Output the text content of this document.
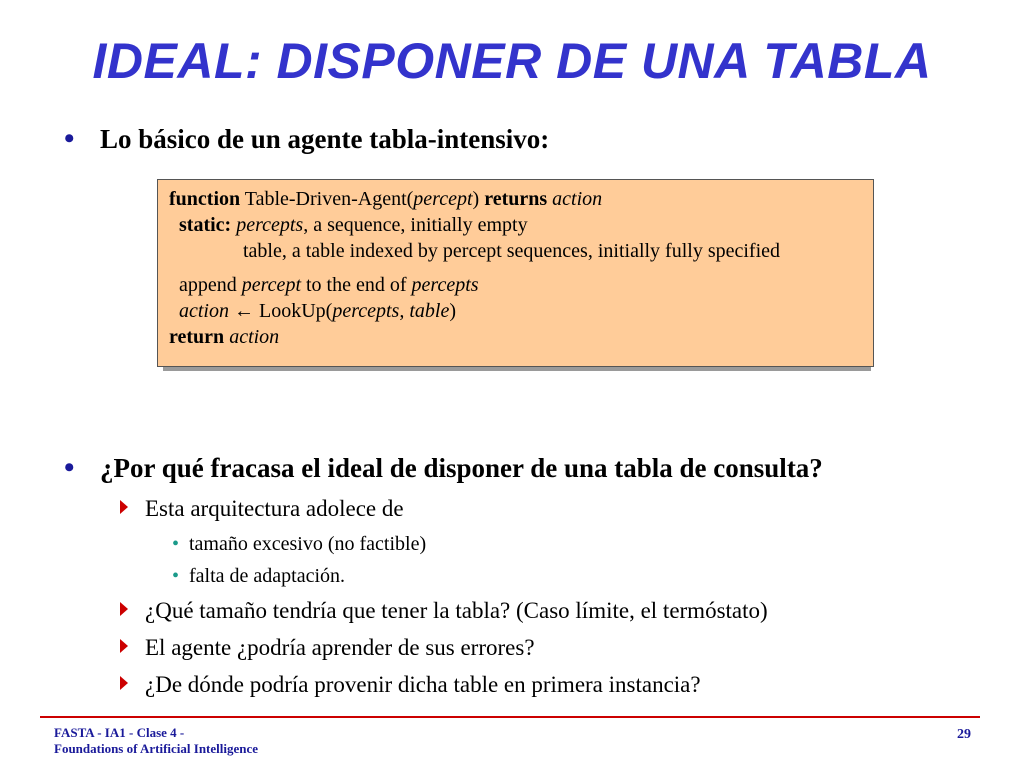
IDEAL: DISPONER DE UNA TABLA
• Lo básico de un agente tabla-intensivo:
function Table-Driven-Agent(percept) returns action
static: percepts, a sequence, initially empty
table, a table indexed by percept sequences, initially fully specified
append percept to the end of percepts
action ← LookUp(percepts, table)
return action
• ¿Por qué fracasa el ideal de disponer de una tabla de consulta?
Esta arquitectura adolece de
• tamaño excesivo (no factible)
• falta de adaptación.
¿Qué tamaño tendría que tener la tabla? (Caso límite, el termóstato)
El agente ¿podría aprender de sus errores?
¿De dónde podría provenir dicha table en primera instancia?
FASTA - IA1 - Clase 4 -
Foundations of Artificial Intelligence
29
